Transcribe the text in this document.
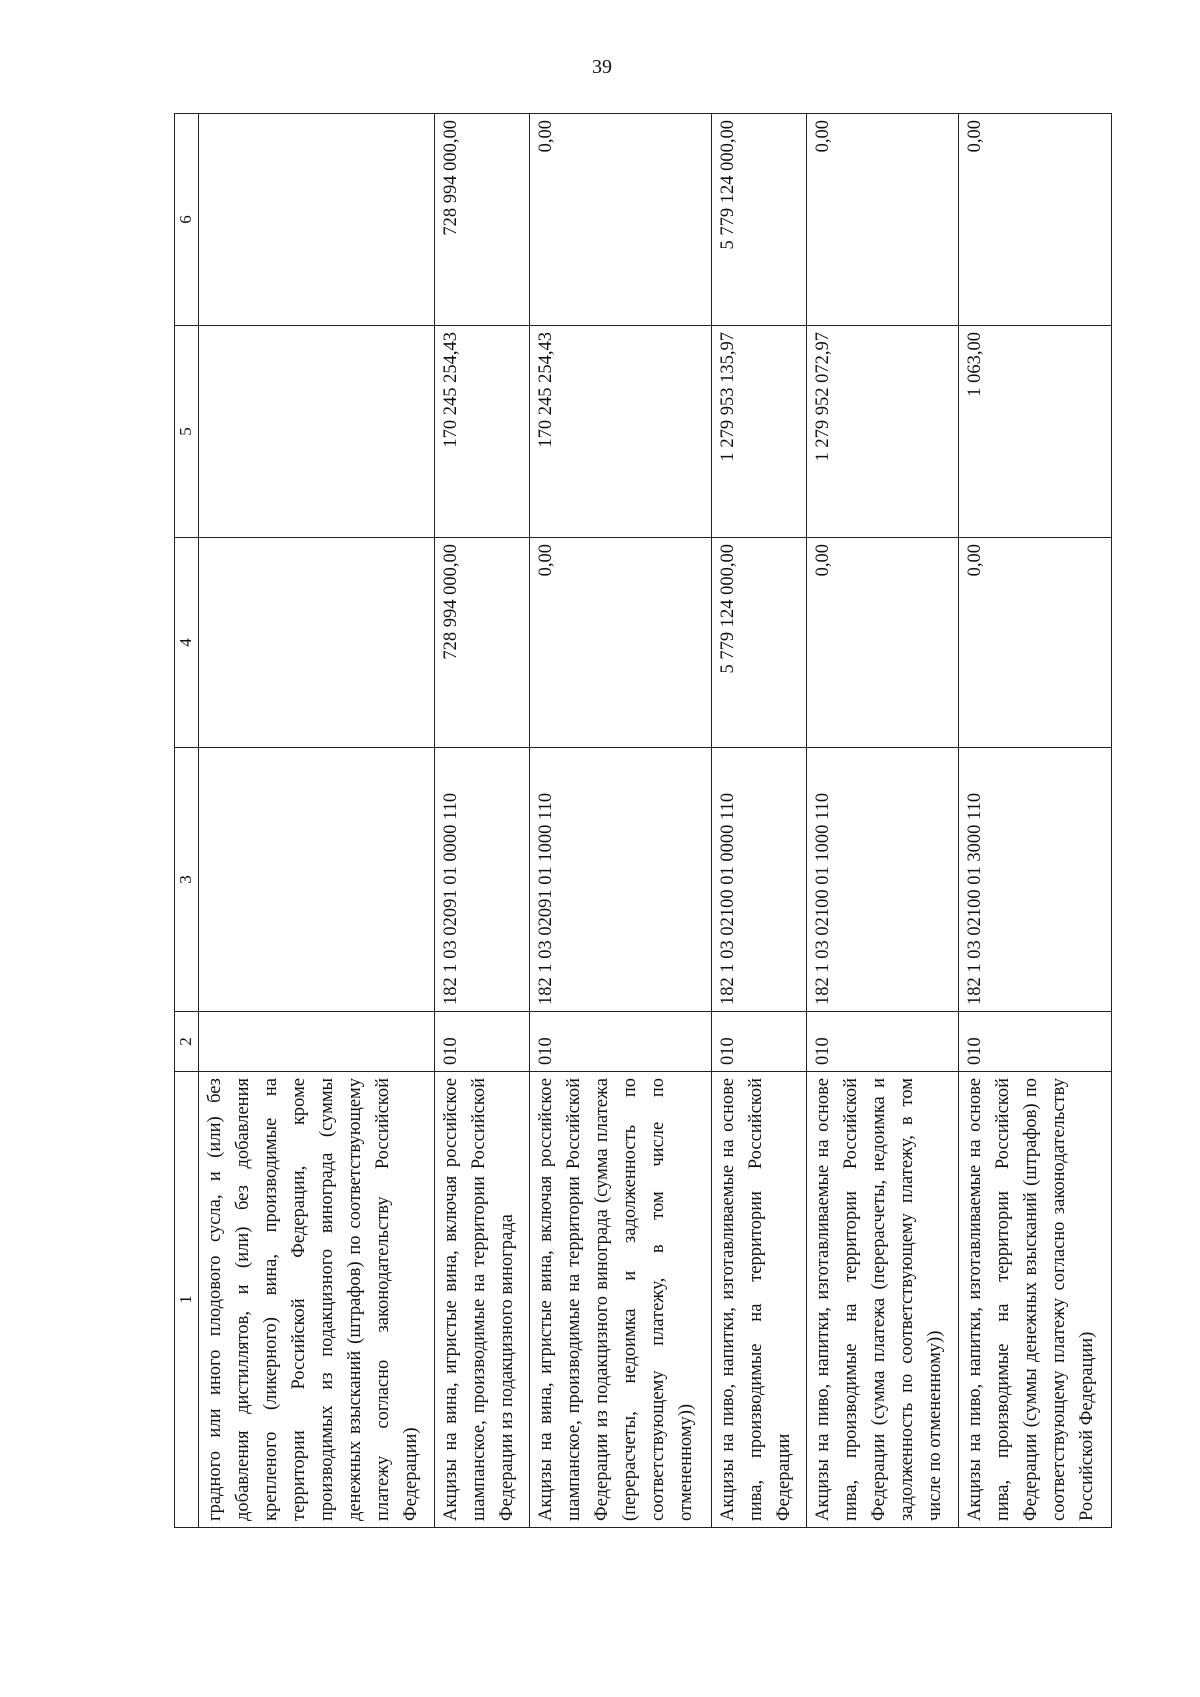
39
1	2	3	4	5	6
градного или иного плодового сусла, и (или) без добавления дистиллятов, и (или) без добавления крепленого (ликерного) вина, производимые на территории Российской Федерации, кроме производимых из подакцизного винограда (суммы денежных взысканий (штрафов) по соответствующему платежу согласно законодательству Российской Федерации)					
Акцизы на вина, игристые вина, включая российское шампанское, производимые на территории Российской Федерации из подакцизного винограда	010	182 1 03 02091 01 0000 110	728 994 000,00	170 245 254,43	728 994 000,00
Акцизы на вина, игристые вина, включая российское шампанское, производимые на территории Российской Федерации из подакцизного винограда (сумма платежа (перерасчеты, недоимка и задолженность по соответствующему платежу, в том числе по отмененному))	010	182 1 03 02091 01 1000 110	0,00	170 245 254,43	0,00
Акцизы на пиво, напитки, изготавливаемые на основе пива, производимые на территории Российской Федерации	010	182 1 03 02100 01 0000 110	5 779 124 000,00	1 279 953 135,97	5 779 124 000,00
Акцизы на пиво, напитки, изготавливаемые на основе пива, производимые на территории Российской Федерации (сумма платежа (перерасчеты, недоимка и задолженность по соответствующему платежу, в том числе по отмененному))	010	182 1 03 02100 01 1000 110	0,00	1 279 952 072,97	0,00
Акцизы на пиво, напитки, изготавливаемые на основе пива, производимые на территории Российской Федерации (суммы денежных взысканий (штрафов) по соответствующему платежу согласно законодательству Российской Федерации)	010	182 1 03 02100 01 3000 110	0,00	1 063,00	0,00
